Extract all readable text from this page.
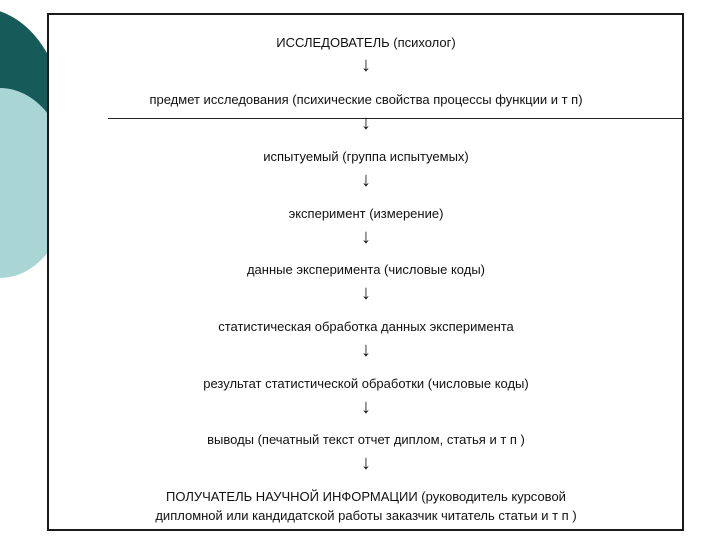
ИССЛЕДОВАТЕЛЬ (психолог)
↓
предмет исследования (психические свойства процессы функции и т п)
↓
испытуемый (группа испытуемых)
↓
эксперимент (измерение)
↓
данные эксперимента (числовые коды)
↓
статистическая обработка данных эксперимента
↓
результат статистической обработки (числовые коды)
↓
выводы (печатный текст отчет диплом, статья и т п )
↓
ПОЛУЧАТЕЛЬ НАУЧНОЙ ИНФОРМАЦИИ (руководитель курсовой
дипломной или кандидатской работы заказчик читатель статьи и т п )
